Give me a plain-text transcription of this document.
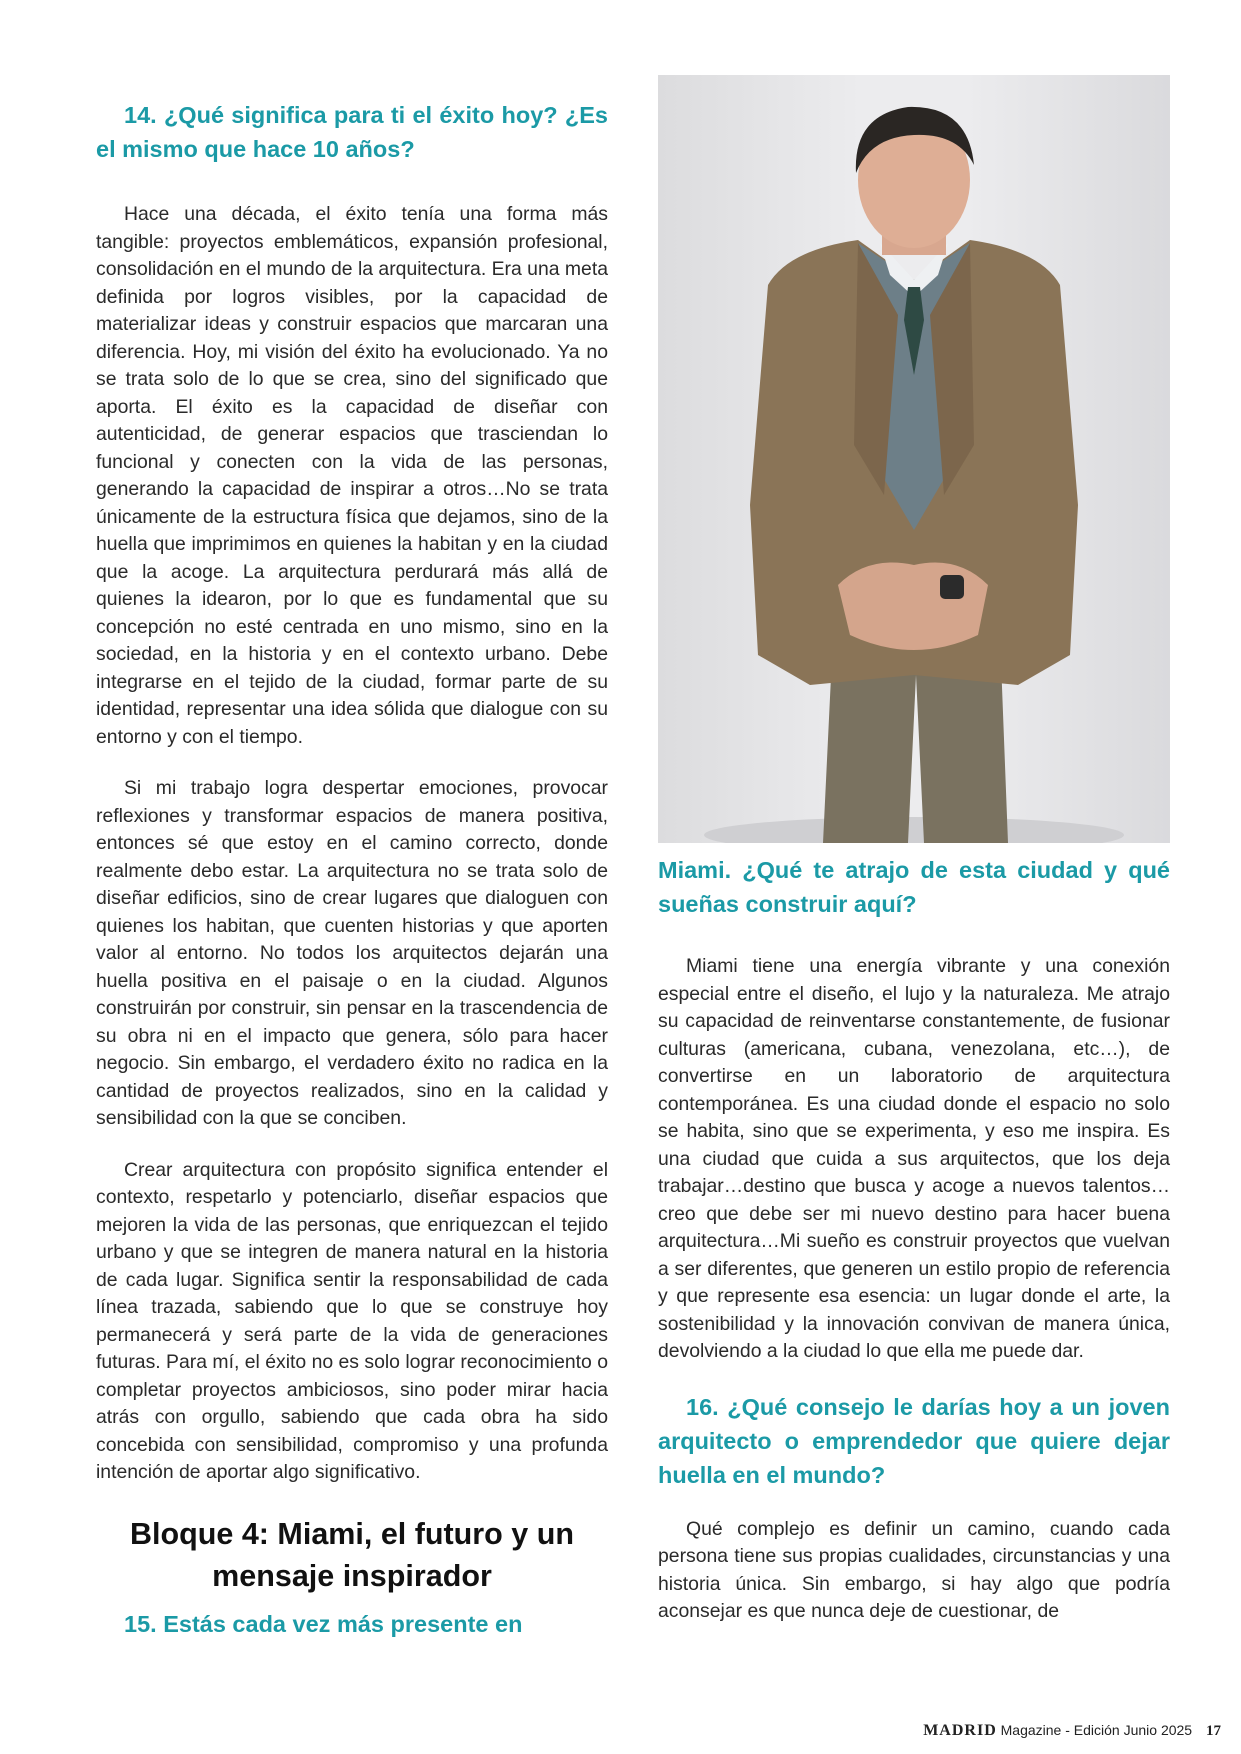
14. ¿Qué significa para ti el éxito hoy? ¿Es el mismo que hace 10 años?

Hace una década, el éxito tenía una forma más tangible: proyectos emblemáticos, expansión profesional, consolidación en el mundo de la arquitectura. Era una meta definida por logros visibles, por la capacidad de materializar ideas y construir espacios que marcaran una diferencia. Hoy, mi visión del éxito ha evolucionado. Ya no se trata solo de lo que se crea, sino del significado que aporta. El éxito es la capacidad de diseñar con autenticidad, de generar espacios que trasciendan lo funcional y conecten con la vida de las personas, generando la capacidad de inspirar a otros…No se trata únicamente de la estructura física que dejamos, sino de la huella que imprimimos en quienes la habitan y en la ciudad que la acoge. La arquitectura perdurará más allá de quienes la idearon, por lo que es fundamental que su concepción no esté centrada en uno mismo, sino en la sociedad, en la historia y en el contexto urbano. Debe integrarse en el tejido de la ciudad, formar parte de su identidad, representar una idea sólida que dialogue con su entorno y con el tiempo.

Si mi trabajo logra despertar emociones, provocar reflexiones y transformar espacios de manera positiva, entonces sé que estoy en el camino correcto, donde realmente debo estar. La arquitectura no se trata solo de diseñar edificios, sino de crear lugares que dialoguen con quienes los habitan, que cuenten historias y que aporten valor al entorno. No todos los arquitectos dejarán una huella positiva en el paisaje o en la ciudad. Algunos construirán por construir, sin pensar en la trascendencia de su obra ni en el impacto que genera, sólo para hacer negocio. Sin embargo, el verdadero éxito no radica en la cantidad de proyectos realizados, sino en la calidad y sensibilidad con la que se conciben.

Crear arquitectura con propósito significa entender el contexto, respetarlo y potenciarlo, diseñar espacios que mejoren la vida de las personas, que enriquezcan el tejido urbano y que se integren de manera natural en la historia de cada lugar. Significa sentir la responsabilidad de cada línea trazada, sabiendo que lo que se construye hoy permanecerá y será parte de la vida de generaciones futuras. Para mí, el éxito no es solo lograr reconocimiento o completar proyectos ambiciosos, sino poder mirar hacia atrás con orgullo, sabiendo que cada obra ha sido concebida con sensibilidad, compromiso y una profunda intención de aportar algo significativo.

Bloque 4: Miami, el futuro y un mensaje inspirador
15. Estás cada vez más presente en
Miami. ¿Qué te atrajo de esta ciudad y qué sueñas construir aquí?

Miami tiene una energía vibrante y una conexión especial entre el diseño, el lujo y la naturaleza. Me atrajo su capacidad de reinventarse constantemente, de fusionar culturas (americana, cubana, venezolana, etc…), de convertirse en un laboratorio de arquitectura contemporánea. Es una ciudad donde el espacio no solo se habita, sino que se experimenta, y eso me inspira. Es una ciudad que cuida a sus arquitectos, que los deja trabajar…destino que busca y acoge a nuevos talentos…creo que debe ser mi nuevo destino para hacer buena arquitectura…Mi sueño es construir proyectos que vuelvan a ser diferentes, que generen un estilo propio de referencia y que represente esa esencia: un lugar donde el arte, la sostenibilidad y la innovación convivan de manera única, devolviendo a la ciudad lo que ella me puede dar.

16. ¿Qué consejo le darías hoy a un joven arquitecto o emprendedor que quiere dejar huella en el mundo?

Qué complejo es definir un camino, cuando cada persona tiene sus propias cualidades, circunstancias y una historia única. Sin embargo, si hay algo que podría aconsejar es que nunca deje de cuestionar, de

MADRID Magazine - Edición Junio 2025 17
